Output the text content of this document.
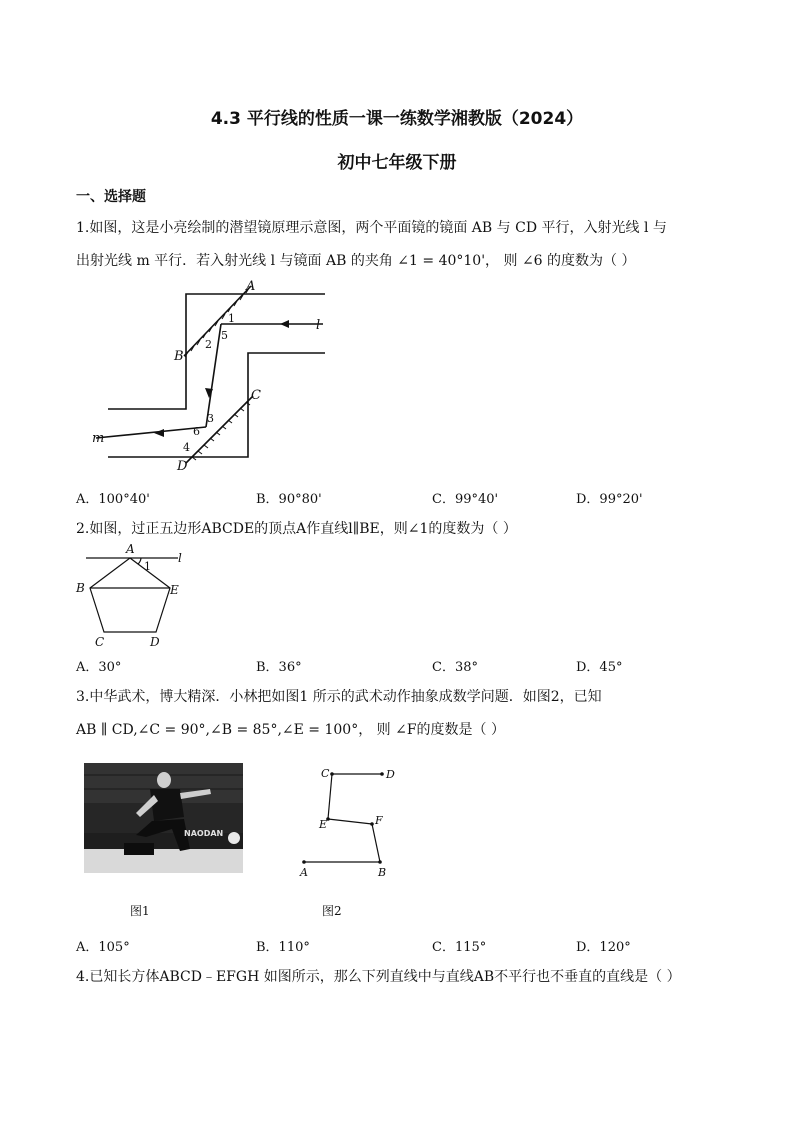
4.3 平行线的性质一课一练数学湘教版（2024）
初中七年级下册
一、选择题
1.如图，这是小亮绘制的潜望镜原理示意图，两个平面镜的镜面 AB 与 CD 平行，入射光线 l 与
出射光线 m 平行．若入射光线 l 与镜面 AB 的夹角 ∠1 = 40°10'， 则 ∠6 的度数为（ ）
A
B
C
D
l
m
1
2
5
3
6
4
A．100°40'	B．90°80'	C．99°40'	D．99°20'
2.如图，过正五边形ABCDE的顶点A作直线l∥BE，则∠1的度数为（ ）
A
l
B	E
C	D
1
A．30°	B．36°	C．38°	D．45°
3.中华武术，博大精深．小林把如图1 所示的武术动作抽象成数学问题．如图2，已知
AB ∥ CD,∠C = 90°,∠B = 85°,∠E = 100°， 则 ∠F的度数是（ ）
NAODAN
C	D
E	F
A	B
图1	图2
A．105°	B．110°	C．115°	D．120°
4.已知长方体ABCD﹣EFGH 如图所示，那么下列直线中与直线AB不平行也不垂直的直线是（ ）
